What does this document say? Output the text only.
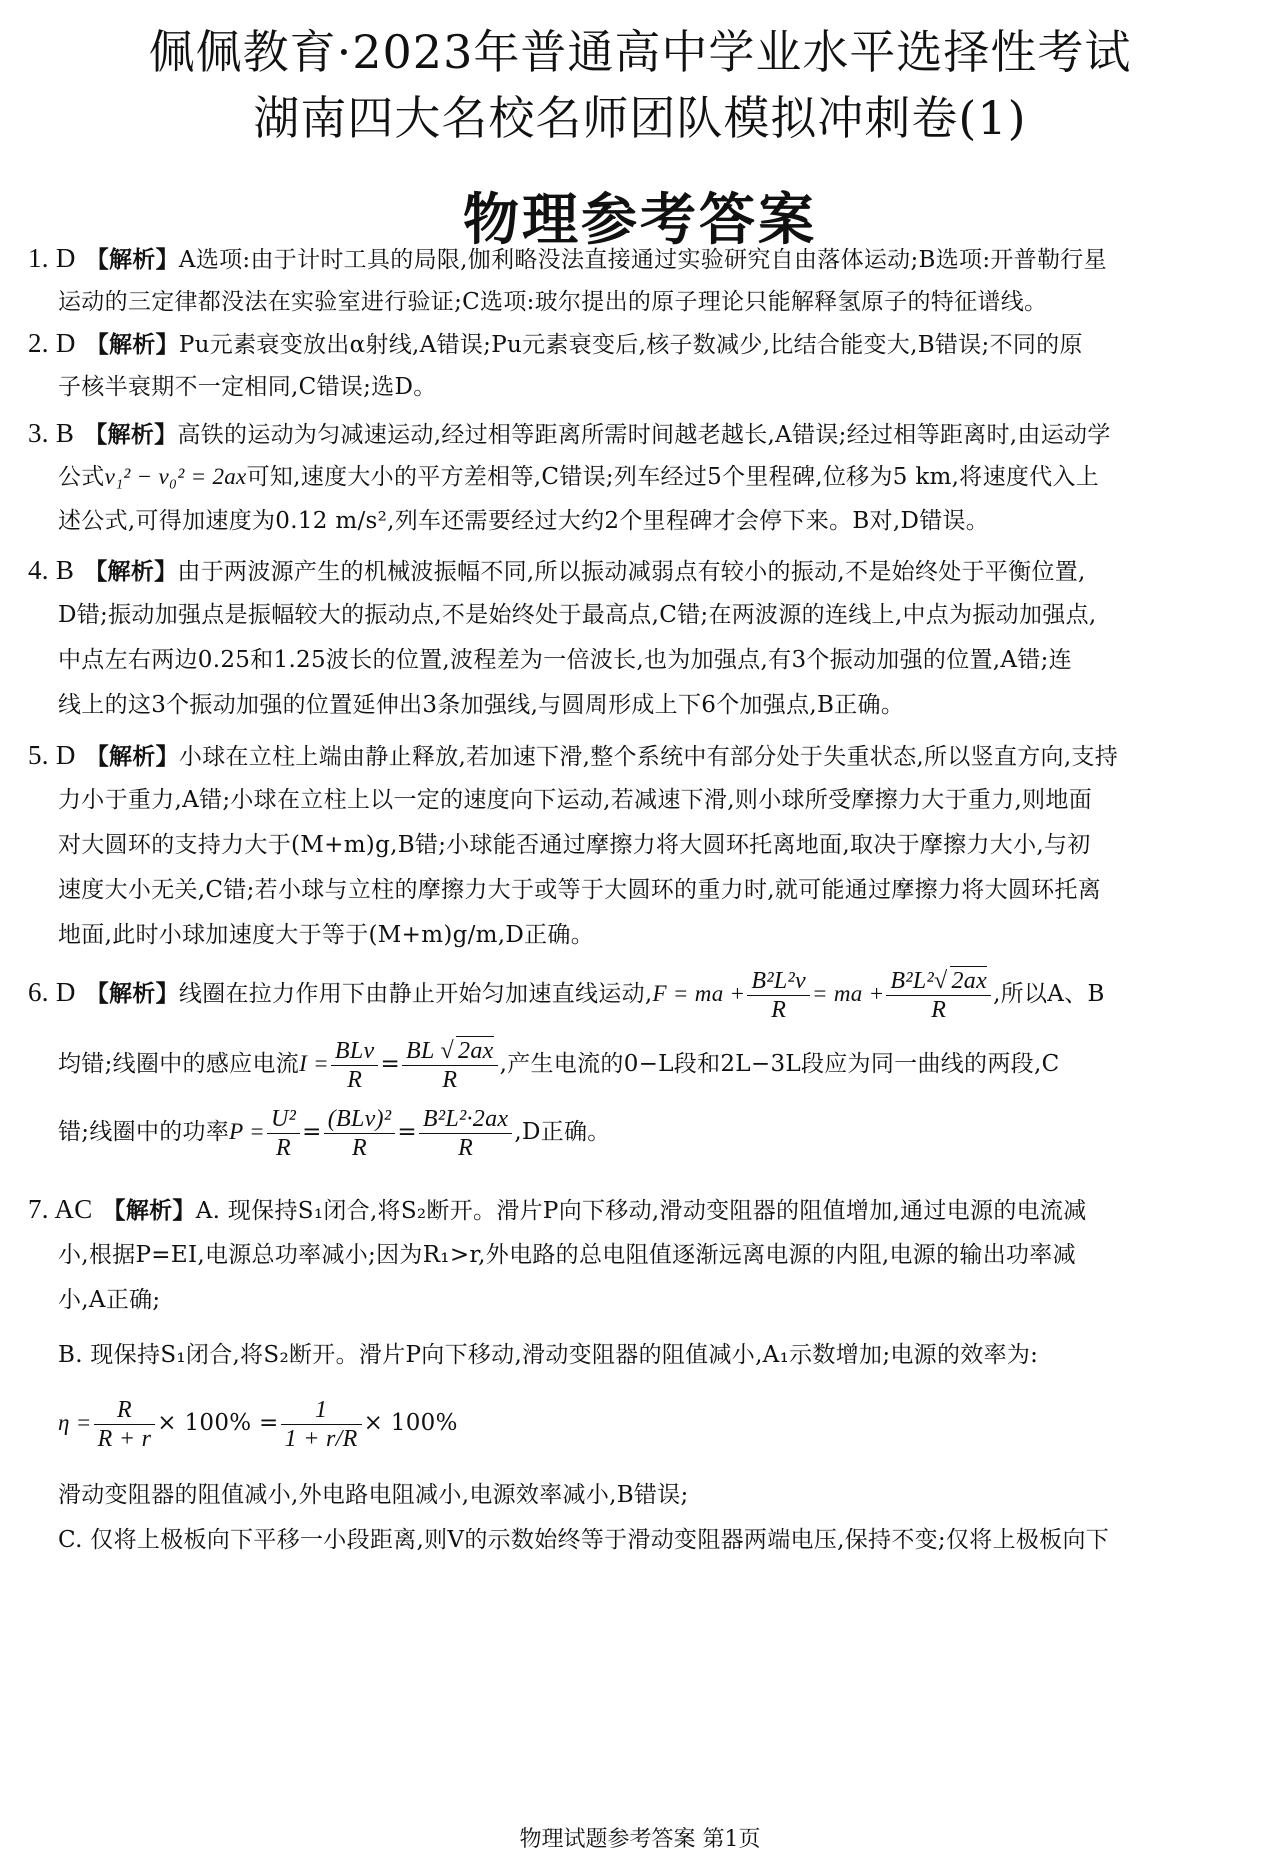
佩佩教育·2023年普通高中学业水平选择性考试
湖南四大名校名师团队模拟冲刺卷(1)
物理参考答案
1. D 【解析】A选项:由于计时工具的局限,伽利略没法直接通过实验研究自由落体运动;B选项:开普勒行星
运动的三定律都没法在实验室进行验证;C选项:玻尔提出的原子理论只能解释氢原子的特征谱线。
2. D 【解析】Pu元素衰变放出α射线,A错误;Pu元素衰变后,核子数减少,比结合能变大,B错误;不同的原
子核半衰期不一定相同,C错误;选D。
3. B 【解析】高铁的运动为匀减速运动,经过相等距离所需时间越老越长,A错误;经过相等距离时,由运动学
公式v₁² − v₀² = 2ax可知,速度大小的平方差相等,C错误;列车经过5个里程碑,位移为5 km,将速度代入上
述公式,可得加速度为0.12 m/s²,列车还需要经过大约2个里程碑才会停下来。B对,D错误。
4. B 【解析】由于两波源产生的机械波振幅不同,所以振动减弱点有较小的振动,不是始终处于平衡位置,
D错;振动加强点是振幅较大的振动点,不是始终处于最高点,C错;在两波源的连线上,中点为振动加强点,
中点左右两边0.25和1.25波长的位置,波程差为一倍波长,也为加强点,有3个振动加强的位置,A错;连
线上的这3个振动加强的位置延伸出3条加强线,与圆周形成上下6个加强点,B正确。
5. D 【解析】小球在立柱上端由静止释放,若加速下滑,整个系统中有部分处于失重状态,所以竖直方向,支持
力小于重力,A错;小球在立柱上以一定的速度向下运动,若减速下滑,则小球所受摩擦力大于重力,则地面
对大圆环的支持力大于(M+m)g,B错;小球能否通过摩擦力将大圆环托离地面,取决于摩擦力大小,与初
速度大小无关,C错;若小球与立柱的摩擦力大于或等于大圆环的重力时,就可能通过摩擦力将大圆环托离
地面,此时小球加速度大于等于(M+m)g/m,D正确。
6. D 【解析】线圈在拉力作用下由静止开始匀加速直线运动,F = ma + $\frac{\text{B²L²v}}{R}$ = ma + $\frac{\text{B²L²√ 2ax}}{R}$ ,所以A、B
均错;线圈中的感应电流$I = \frac{\text{BLv}}{R} = \frac{BL √ 2ax}{R}$ ,产生电流的0−L段和2L−3L段应为同一曲线的两段,C
错;线圈中的功率$P = \frac{\text{U²}}{R} = \frac{\text{(BLv)²}}{R} = \frac{\text{B²L²·2ax}}{R} ,D$正确。
7. AC 【解析】A. 现保持S₁闭合,将S₂断开。滑片P向下移动,滑动变阻器的阻值增加,通过电源的电流减
小,根据P=EI,电源总功率减小;因为R₁>r,外电路的总电阻值逐渐远离电源的内阻,电源的输出功率减
小,A正确;
B. 现保持S₁闭合,将S₂断开。滑片P向下移动,滑动变阻器的阻值减小,A₁示数增加;电源的效率为:
$\eta = \frac{R}{R + r} \times 100\% = \frac{1}{1 + r/R} \times 100\%$
滑动变阻器的阻值减小,外电路电阻减小,电源效率减小,B错误;
C. 仅将上极板向下平移一小段距离,则V的示数始终等于滑动变阻器两端电压,保持不变;仅将上极板向下
物理试题参考答案 第1页
